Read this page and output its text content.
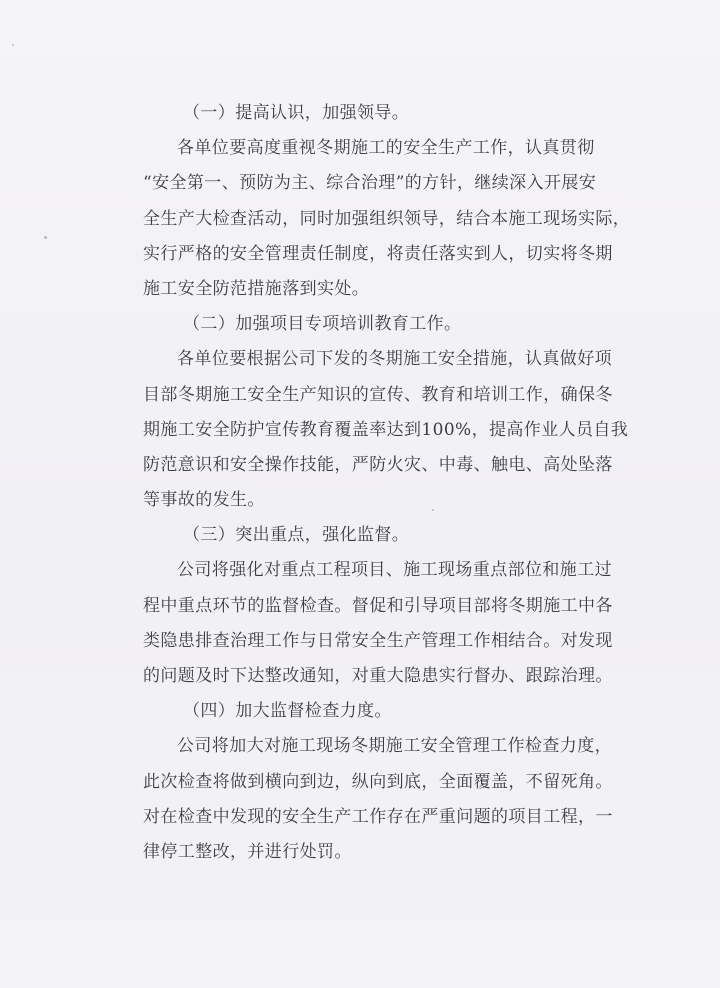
（一）提高认识，加强领导。
各单位要高度重视冬期施工的安全生产工作，认真贯彻
“安全第一、预防为主、综合治理”的方针，继续深入开展安
全生产大检查活动，同时加强组织领导，结合本施工现场实际，
实行严格的安全管理责任制度，将责任落实到人，切实将冬期
施工安全防范措施落到实处。
（二）加强项目专项培训教育工作。
各单位要根据公司下发的冬期施工安全措施，认真做好项
目部冬期施工安全生产知识的宣传、教育和培训工作，确保冬
期施工安全防护宣传教育覆盖率达到100%，提高作业人员自我
防范意识和安全操作技能，严防火灾、中毒、触电、高处坠落
等事故的发生。
（三）突出重点，强化监督。
公司将强化对重点工程项目、施工现场重点部位和施工过
程中重点环节的监督检查。督促和引导项目部将冬期施工中各
类隐患排查治理工作与日常安全生产管理工作相结合。对发现
的问题及时下达整改通知，对重大隐患实行督办、跟踪治理。
（四）加大监督检查力度。
公司将加大对施工现场冬期施工安全管理工作检查力度，
此次检查将做到横向到边，纵向到底，全面覆盖，不留死角。
对在检查中发现的安全生产工作存在严重问题的项目工程，一
律停工整改，并进行处罚。
